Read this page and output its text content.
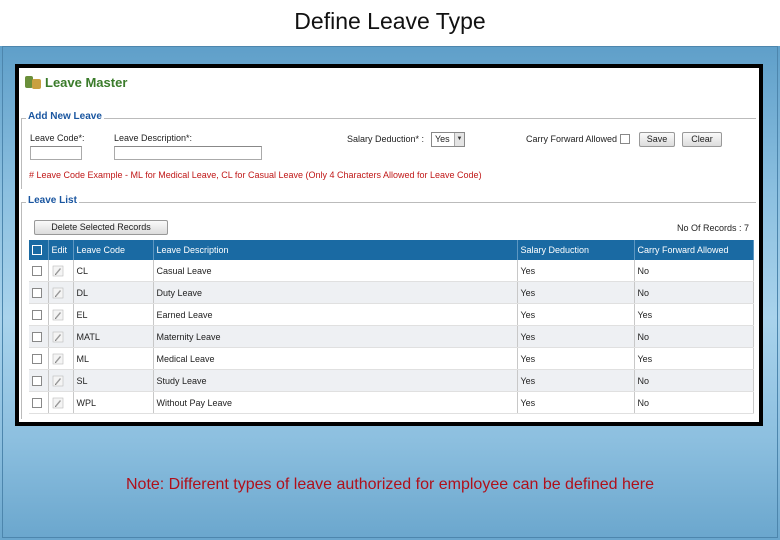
Define Leave Type
Leave Master
Add New Leave
Leave Code*:	Leave Description*:	Salary Deduction* : Yes	▼	Carry Forward Allowed	Save	Clear
# Leave Code Example - ML for Medical Leave, CL for Casual Leave (Only 4 Characters Allowed for Leave Code)
Leave List
Delete Selected Records	No Of Records : 7
	Edit	Leave Code	Leave Description	Salary Deduction	Carry Forward Allowed
		CL	Casual Leave	Yes	No
		DL	Duty Leave	Yes	No
		EL	Earned Leave	Yes	Yes
		MATL	Maternity Leave	Yes	No
		ML	Medical Leave	Yes	Yes
		SL	Study Leave	Yes	No
		WPL	Without Pay Leave	Yes	No
Note: Different types of leave authorized for employee can be defined here
